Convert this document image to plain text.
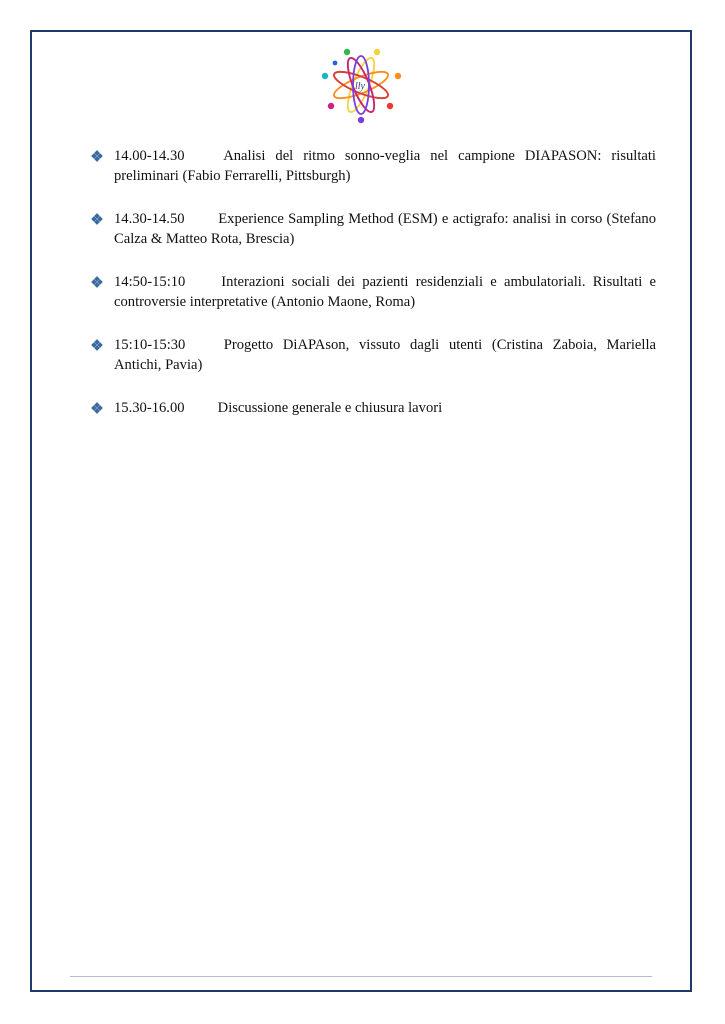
lly
14.00-14.30	Analisi del ritmo sonno-veglia nel campione DIAPASON: risultati preliminari (Fabio Ferrarelli, Pittsburgh)
14.30-14.50 Experience Sampling Method (ESM) e actigrafo: analisi in corso (Stefano Calza & Matteo Rota, Brescia)
14:50-15:10 Interazioni sociali dei pazienti residenziali e ambulatoriali. Risultati e controversie interpretative (Antonio Maone, Roma)
15:10-15:30	Progetto DiAPAson, vissuto dagli utenti (Cristina Zaboia, Mariella Antichi, Pavia)
15.30-16.00 Discussione generale e chiusura lavori
